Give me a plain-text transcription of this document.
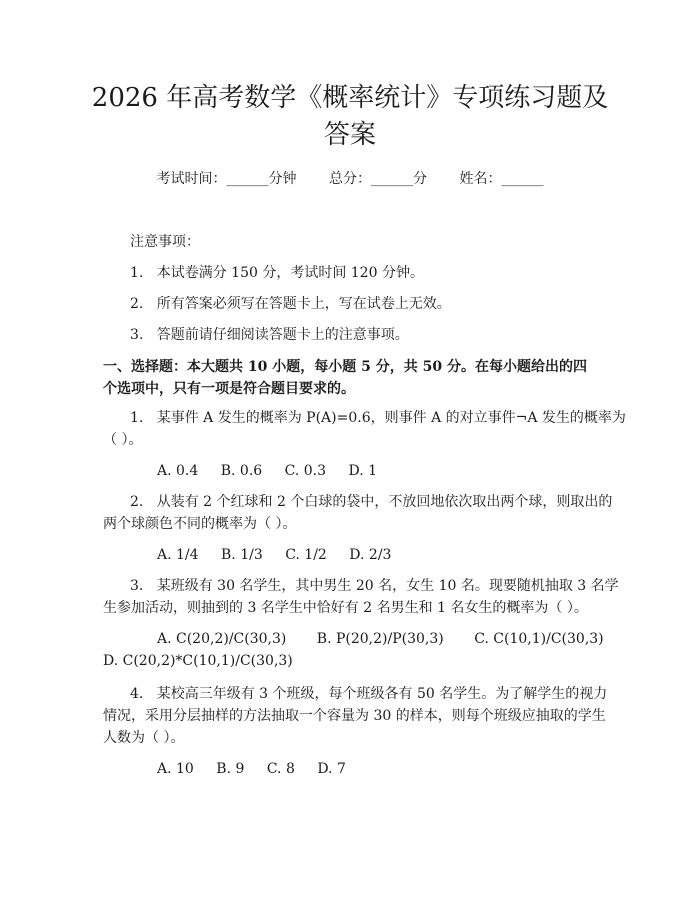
2026 年高考数学《概率统计》专项练习题及
答案
考试时间：______分钟 总分：______分 姓名：______
注意事项：
1.   本试卷满分 150 分，考试时间 120 分钟。
2.   所有答案必须写在答题卡上，写在试卷上无效。
3.   答题前请仔细阅读答题卡上的注意事项。
一、选择题：本大题共 10 小题，每小题 5 分，共 50 分。在每小题给出的四个选项中，只有一项是符合题目要求的。
1.   某事件 A 发生的概率为 P(A)=0.6，则事件 A 的对立事件¬A 发生的概率为
（ ）。
A. 0.4 B. 0.6 C. 0.3 D. 1
2.   从装有 2 个红球和 2 个白球的袋中，不放回地依次取出两个球，则取出的
两个球颜色不同的概率为（ ）。
A. 1/4 B. 1/3 C. 1/2 D. 2/3
3.   某班级有 30 名学生，其中男生 20 名，女生 10 名。现要随机抽取 3 名学
生参加活动，则抽到的 3 名学生中恰好有 2 名男生和 1 名女生的概率为（ ）。
A. C(20,2)/C(30,3) B. P(20,2)/P(30,3) C. C(10,1)/C(30,3)
D. C(20,2)*C(10,1)/C(30,3)
4.   某校高三年级有 3 个班级，每个班级各有 50 名学生。为了解学生的视力
情况，采用分层抽样的方法抽取一个容量为 30 的样本，则每个班级应抽取的学生
人数为（ ）。
A. 10 B. 9 C. 8 D. 7
